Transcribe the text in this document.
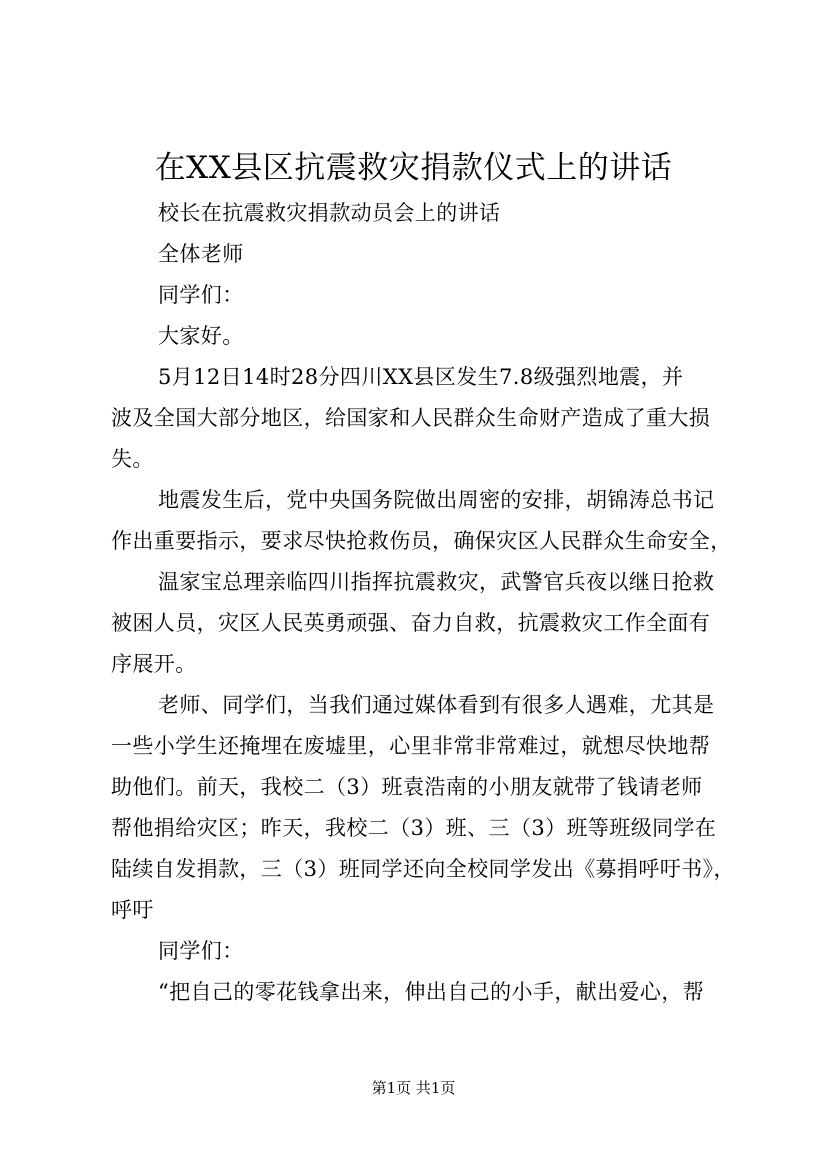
在XX县区抗震救灾捐款仪式上的讲话
校长在抗震救灾捐款动员会上的讲话
全体老师
同学们：
大家好。
5月12日14时28分四川XX县区发生7.8级强烈地震，并
波及全国大部分地区，给国家和人民群众生命财产造成了重大损
失。
地震发生后，党中央国务院做出周密的安排，胡锦涛总书记
作出重要指示，要求尽快抢救伤员，确保灾区人民群众生命安全，
温家宝总理亲临四川指挥抗震救灾，武警官兵夜以继日抢救
被困人员，灾区人民英勇顽强、奋力自救，抗震救灾工作全面有
序展开。
老师、同学们，当我们通过媒体看到有很多人遇难，尤其是
一些小学生还掩埋在废墟里，心里非常非常难过，就想尽快地帮
助他们。前天，我校二（3）班袁浩南的小朋友就带了钱请老师
帮他捐给灾区；昨天，我校二（3）班、三（3）班等班级同学在
陆续自发捐款，三（3）班同学还向全校同学发出《募捐呼吁书》，
呼吁
同学们：
“把自己的零花钱拿出来，伸出自己的小手，献出爱心，帮
第1页 共1页
